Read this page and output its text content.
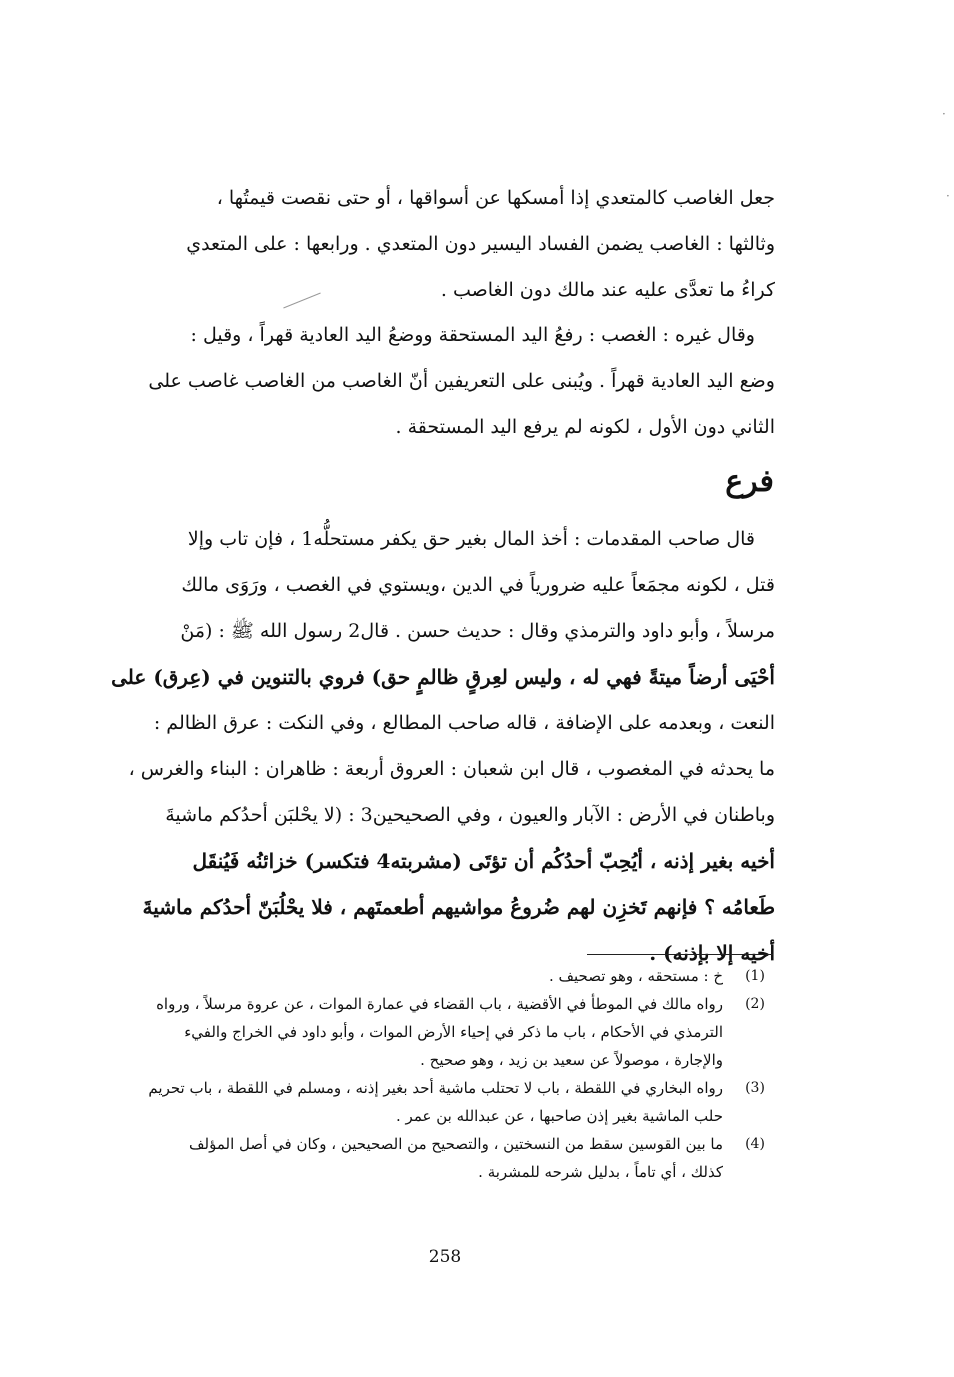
جعل الغاصب كالمتعدي إذا أمسكها عن أسواقها ، أو حتى نقصت قيمتُها ،
وثالثها : الغاصب يضمن الفساد اليسير دون المتعدي . ورابعها : على المتعدي
كراءُ ما تعدَّى عليه عند مالك دون الغاصب .
وقال غيره : الغصب : رفعُ اليد المستحقة ووضعُ اليد العادية قهراً ، وقيل :
وضع اليد العادية قهراً . ويُبنى على التعريفين أنّ الغاصب من الغاصب غاصب على
الثاني دون الأول ، لكونه لم يرفع اليد المستحقة .
فرع
قال صاحب المقدمات : أخذ المال بغير حق يكفر مستحلُّه1 ، فإن تاب وإلا
قتل ، لكونه مجمَعاً عليه ضرورياً في الدين ،ويستوي في الغصب ، ورَوَى مالك
مرسلاً ، وأبو داود والترمذي وقال : حديث حسن . قال2 رسول الله ﷺ : (مَنْ
أحْيَى أرضاً ميتةً فهي له ، وليس لعِرقٍ ظالمٍ حق) فروي بالتنوين في (عِرق) على
النعت ، وبعدمه على الإضافة ، قاله صاحب المطالع ، وفي النكت : عرق الظالم :
ما يحدثه في المغصوب ، قال ابن شعبان : العروق أربعة : ظاهران : البناء والغرس ،
وباطنان في الأرض : الآبار والعيون ، وفي الصحيحين3 : (لا يحْلبَن أحدُكم ماشيةَ
أخيه بغير إذنه ، أيُحِبّ أحدُكُم أن تؤتَى (مشربته4 فتكسر) خزائنُه فَيُنقَل
طَعامُه ؟ فإنهم تَخزِن لهم ضُروعُ مواشيهم أطعمتَهم ، فلا يحْلُبَنّ أحدُكم ماشيةَ
أخيه إلا بإذنه) .
(1)
خ : مستحقه ، وهو تصحيف .
(2)
رواه مالك في الموطأ في الأقضية ، باب القضاء في عمارة الموات ، عن عروة مرسلاً ، ورواه
الترمذي في الأحكام ، باب ما ذكر في إحياء الأرض الموات ، وأبو داود في الخراج والفيء
والإجارة ، موصولاً عن سعيد بن زيد ، وهو صحيح .
(3)
رواه البخاري في اللقطة ، باب لا تحتلب ماشية أحد بغير إذنه ، ومسلم في اللقطة ، باب تحريم
حلب الماشية بغير إذن صاحبها ، عن عبدالله بن عمر .
(4)
ما بين القوسين سقط من النسختين ، والتصحيح من الصحيحين ، وكان في أصل المؤلف
كذلك ، أي تاماً ، بدليل شرحه للمشربة .
258
·
·
